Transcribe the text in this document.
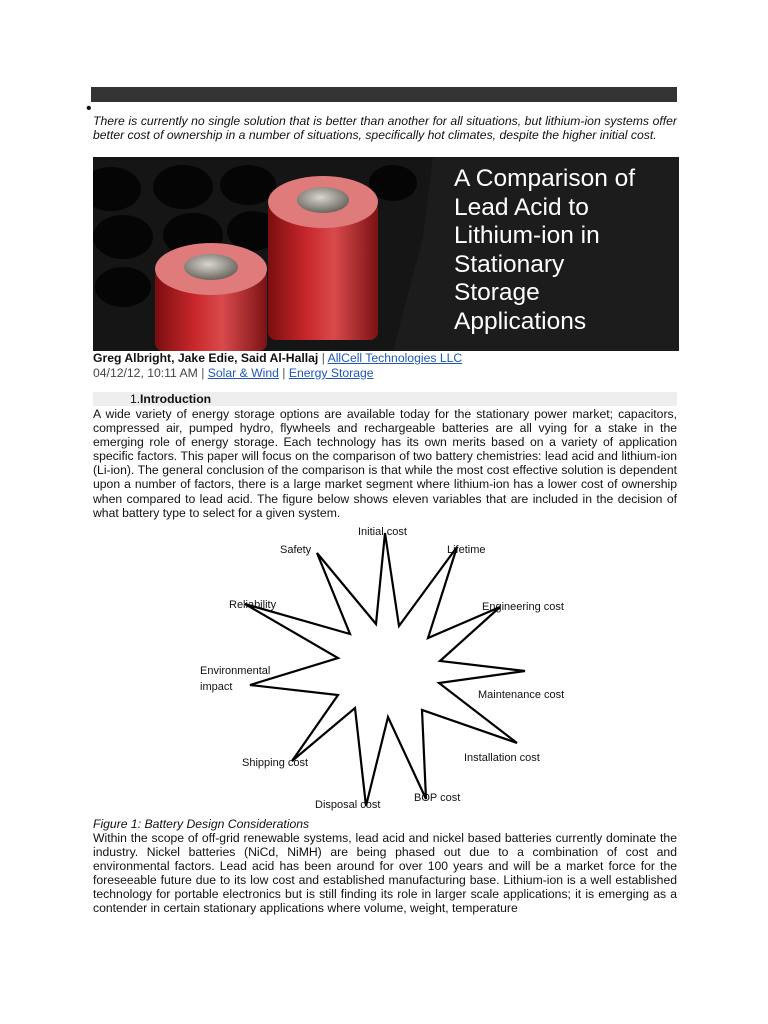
•
There is currently no single solution that is better than another for all situations, but lithium-ion systems offer better cost of ownership in a number of situations, specifically hot climates, despite the higher initial cost.
A Comparison of
Lead Acid to
Lithium-ion in
Stationary
Storage
Applications
Greg Albright, Jake Edie, Said Al-Hallaj | AllCell Technologies LLC
04/12/12, 10:11 AM | Solar & Wind | Energy Storage
1. Introduction
A wide variety of energy storage options are available today for the stationary power market; capacitors, compressed air, pumped hydro, flywheels and rechargeable batteries are all vying for a stake in the emerging role of energy storage. Each technology has its own merits based on a variety of application specific factors. This paper will focus on the comparison of two battery chemistries: lead acid and lithium-ion (Li-ion). The general conclusion of the comparison is that while the most cost effective solution is dependent upon a number of factors, there is a large market segment where lithium-ion has a lower cost of ownership when compared to lead acid. The figure below shows eleven variables that are included in the decision of what battery type to select for a given system.
Initial cost
Lifetime
Engineering cost
Maintenance cost
Installation cost
BOP cost
Disposal cost
Shipping cost
Environmental
impact
Reliability
Safety
Figure 1: Battery Design Considerations
Within the scope of off-grid renewable systems, lead acid and nickel based batteries currently dominate the industry. Nickel batteries (NiCd, NiMH) are being phased out due to a combination of cost and environmental factors. Lead acid has been around for over 100 years and will be a market force for the foreseeable future due to its low cost and established manufacturing base. Lithium-ion is a well established technology for portable electronics but is still finding its role in larger scale applications; it is emerging as a contender in certain stationary applications where volume, weight, temperature
